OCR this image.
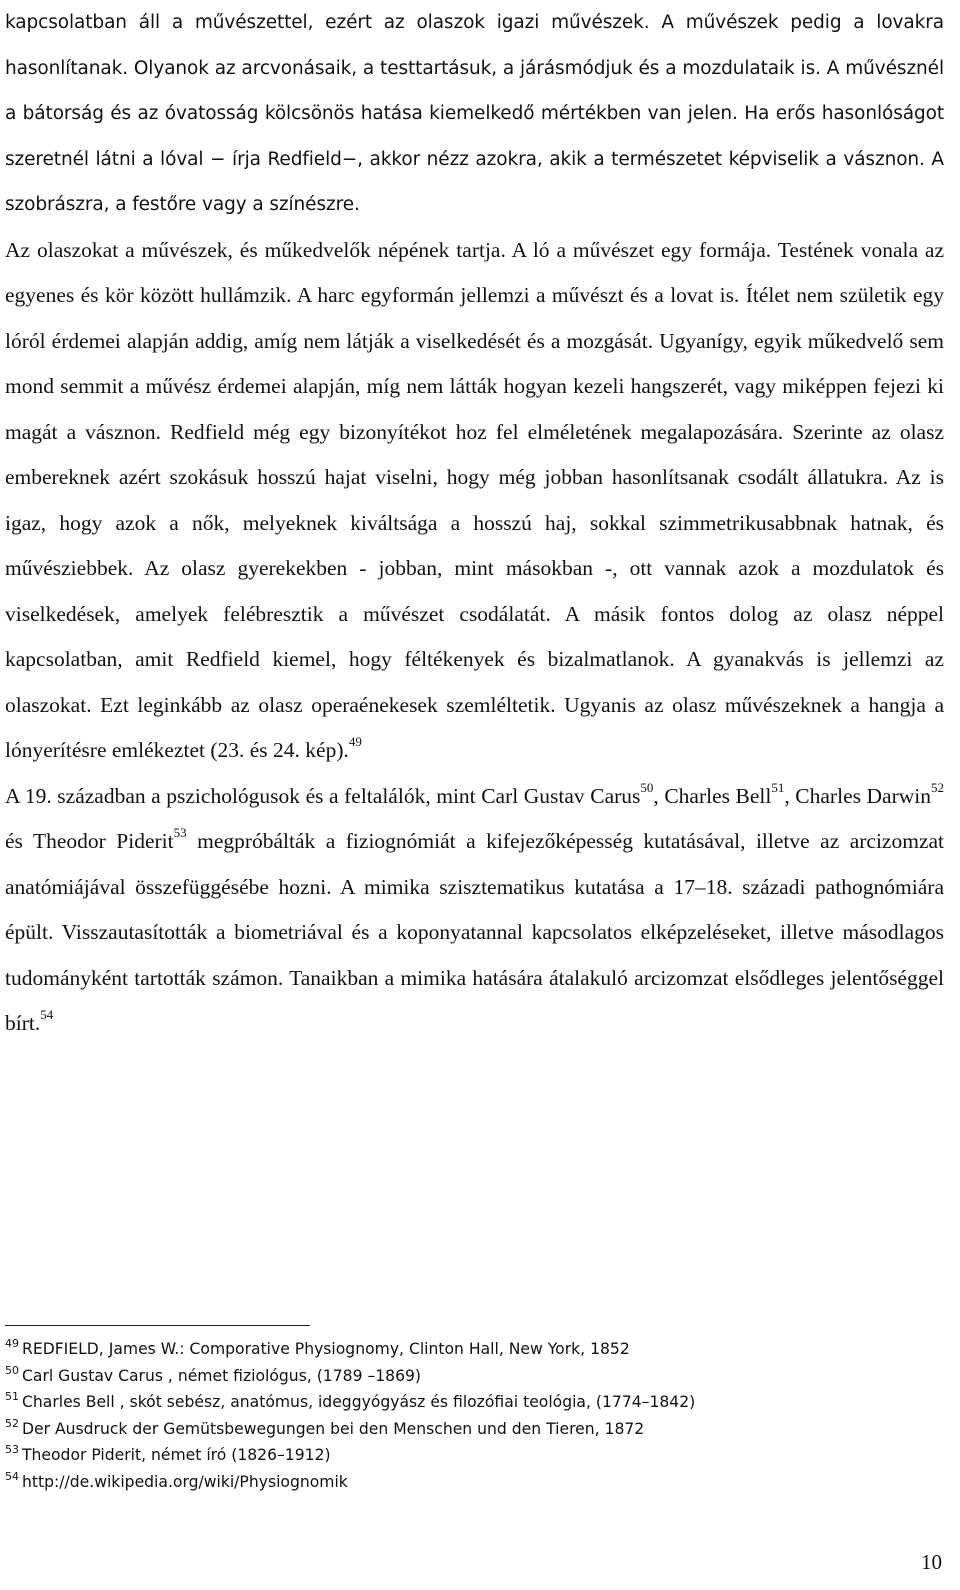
kapcsolatban áll a művészettel, ezért az olaszok igazi művészek. A művészek pedig a lovakra hasonlítanak. Olyanok az arcvonásaik, a testtartásuk, a járásmódjuk és a mozdulataik is. A művésznél a bátorság és az óvatosság kölcsönös hatása kiemelkedő mértékben van jelen. Ha erős hasonlóságot szeretnél látni a lóval − írja Redfield−, akkor nézz azokra, akik a természetet képviselik a vásznon. A szobrászra, a festőre vagy a színészre.

Az olaszokat a művészek, és műkedvelők népének tartja. A ló a művészet egy formája. Testének vonala az egyenes és kör között hullámzik. A harc egyformán jellemzi a művészt és a lovat is. Ítélet nem születik egy lóról érdemei alapján addig, amíg nem látják a viselkedését és a mozgását. Ugyanígy, egyik műkedvelő sem mond semmit a művész érdemei alapján, míg nem látták hogyan kezeli hangszerét, vagy miképpen fejezi ki magát a vásznon. Redfield még egy bizonyítékot hoz fel elméletének megalapozására. Szerinte az olasz embereknek azért szokásuk hosszú hajat viselni, hogy még jobban hasonlítsanak csodált állatukra. Az is igaz, hogy azok a nők, melyeknek kiváltsága a hosszú haj, sokkal szimmetrikusabbnak hatnak, és művésziebbek. Az olasz gyerekekben - jobban, mint másokban -, ott vannak azok a mozdulatok és viselkedések, amelyek felébresztik a művészet csodálatát. A másik fontos dolog az olasz néppel kapcsolatban, amit Redfield kiemel, hogy féltékenyek és bizalmatlanok. A gyanakvás is jellemzi az olaszokat. Ezt leginkább az olasz operaénekesek szemléltetik. Ugyanis az olasz művészeknek a hangja a lónyerítésre emlékeztet (23. és 24. kép).$^{49}$

A 19. században a pszichológusok és a feltalálók, mint Carl Gustav Carus$^{50}$, Charles Bell$^{51}$, Charles Darwin$^{52}$ és Theodor Piderit$^{53}$ megpróbálták a fiziognómiát a kifejezőképesség kutatásával, illetve az arcizomzat anatómiájával összefüggésébe hozni. A mimika szisztematikus kutatása a 17–18. századi pathognómiára épült. Visszautasították a biometriával és a koponyatannal kapcsolatos elképzeléseket, illetve másodlagos tudományként tartották számon. Tanaikban a mimika hatására átalakuló arcizomzat elsődleges jelentőséggel bírt.$^{54}$

$^{49}$ REDFIELD, James W.: Comporative Physiognomy, Clinton Hall, New York, 1852
$^{50}$ Carl Gustav Carus , német fiziológus, (1789 –1869)
$^{51}$ Charles Bell , skót sebész, anatómus, ideggyógyász és filozófiai teológia, (1774–1842)
$^{52}$ Der Ausdruck der Gemütsbewegungen bei den Menschen und den Tieren, 1872
$^{53}$ Theodor Piderit, német író (1826–1912)
$^{54}$ http://de.wikipedia.org/wiki/Physiognomik
10
